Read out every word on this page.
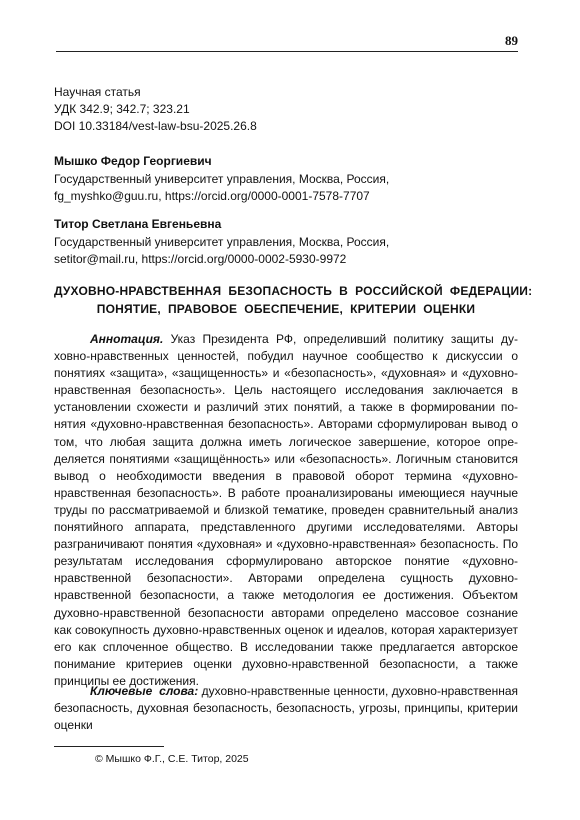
89
Научная статья
УДК 342.9; 342.7; 323.21
DOI 10.33184/vest-law-bsu-2025.26.8
Мышко Федор Георгиевич
Государственный университет управления, Москва, Россия,
fg_myshko@guu.ru, https://orcid.org/0000-0001-7578-7707
Титор Светлана Евгеньевна
Государственный университет управления, Москва, Россия,
setitor@mail.ru, https://orcid.org/0000-0002-5930-9972
ДУХОВНО-НРАВСТВЕННАЯ  БЕЗОПАСНОСТЬ  В  РОССИЙСКОЙ  ФЕДЕРАЦИИ:
ПОНЯТИЕ,  ПРАВОВОЕ  ОБЕСПЕЧЕНИЕ,  КРИТЕРИИ  ОЦЕНКИ

Аннотация. Указ Президента РФ, определивший политику защиты духовно-нравственных ценностей, побудил научное сообщество к дискуссии о понятиях «защита», «защищенность» и «безопасность», «духовная» и «духовно-нравственная безопасность». Цель настоящего исследования заключается в установлении схожести и различий этих понятий, а также в формировании понятия «духовно-нравственная безопасность». Авторами сформулирован вывод о том, что любая защита должна иметь логическое завершение, которое определяется понятиями «защищённость» или «безопасность». Логичным становится вывод о необходимости введения в правовой оборот термина «духовно-нравственная безопасность». В работе проанализированы имеющиеся научные труды по рассматриваемой и близкой тематике, проведен сравнительный анализ понятийного аппарата, представленного другими исследователями. Авторы разграничивают понятия «духовная» и «духовно-нравственная» безопасность. По результатам исследования сформулировано авторское понятие «духовно-нравственной безопасности». Авторами определена сущность духовно-нравственной безопасности, а также методология ее достижения. Объектом духовно-нравственной безопасности авторами определено массовое сознание как совокупность духовно-нравственных оценок и идеалов, которая характеризует его как сплоченное общество. В исследовании также предлагается авторское понимание критериев оценки духовно-нравственной безопасности, а также принципы ее достижения.

Ключевые  слова: духовно-нравственные ценности, духовно-нравственная безопасность, духовная безопасность, безопасность, угрозы, принципы, критерии оценки

© Мышко Ф.Г., С.Е. Титор, 2025
